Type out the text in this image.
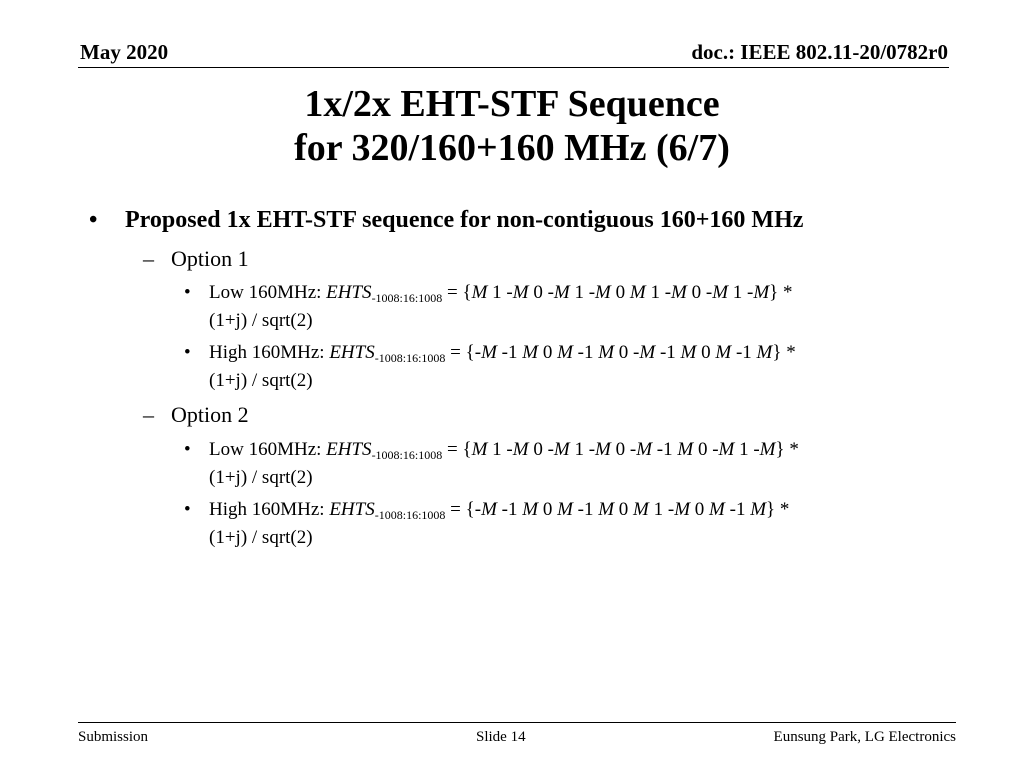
May 2020	doc.: IEEE 802.11-20/0782r0
1x/2x EHT-STF Sequence
for 320/160+160 MHz (6/7)
• Proposed 1x EHT-STF sequence for non-contiguous 160+160 MHz
– Option 1
• Low 160MHz: $EHTS_{-1008:16:1008} = \{M$ 1 -M 0 -M 1 -M 0 M 1 -M 0 -M 1 -M} *
(1+j) / sqrt(2)
• High 160MHz: $EHTS_{-1008:16:1008} = \{-M$ -1 M 0 M -1 M 0 -M -1 M 0 M -1 M} *
(1+j) / sqrt(2)
– Option 2
• Low 160MHz: $EHTS_{-1008:16:1008} = \{M$ 1 -M 0 -M 1 -M 0 -M -1 M 0 -M 1 -M} *
(1+j) / sqrt(2)
• High 160MHz: $EHTS_{-1008:16:1008} = \{-M$ -1 M 0 M -1 M 0 M 1 -M 0 M -1 M} *
(1+j) / sqrt(2)
Submission	Slide 14	Eunsung Park, LG Electronics
